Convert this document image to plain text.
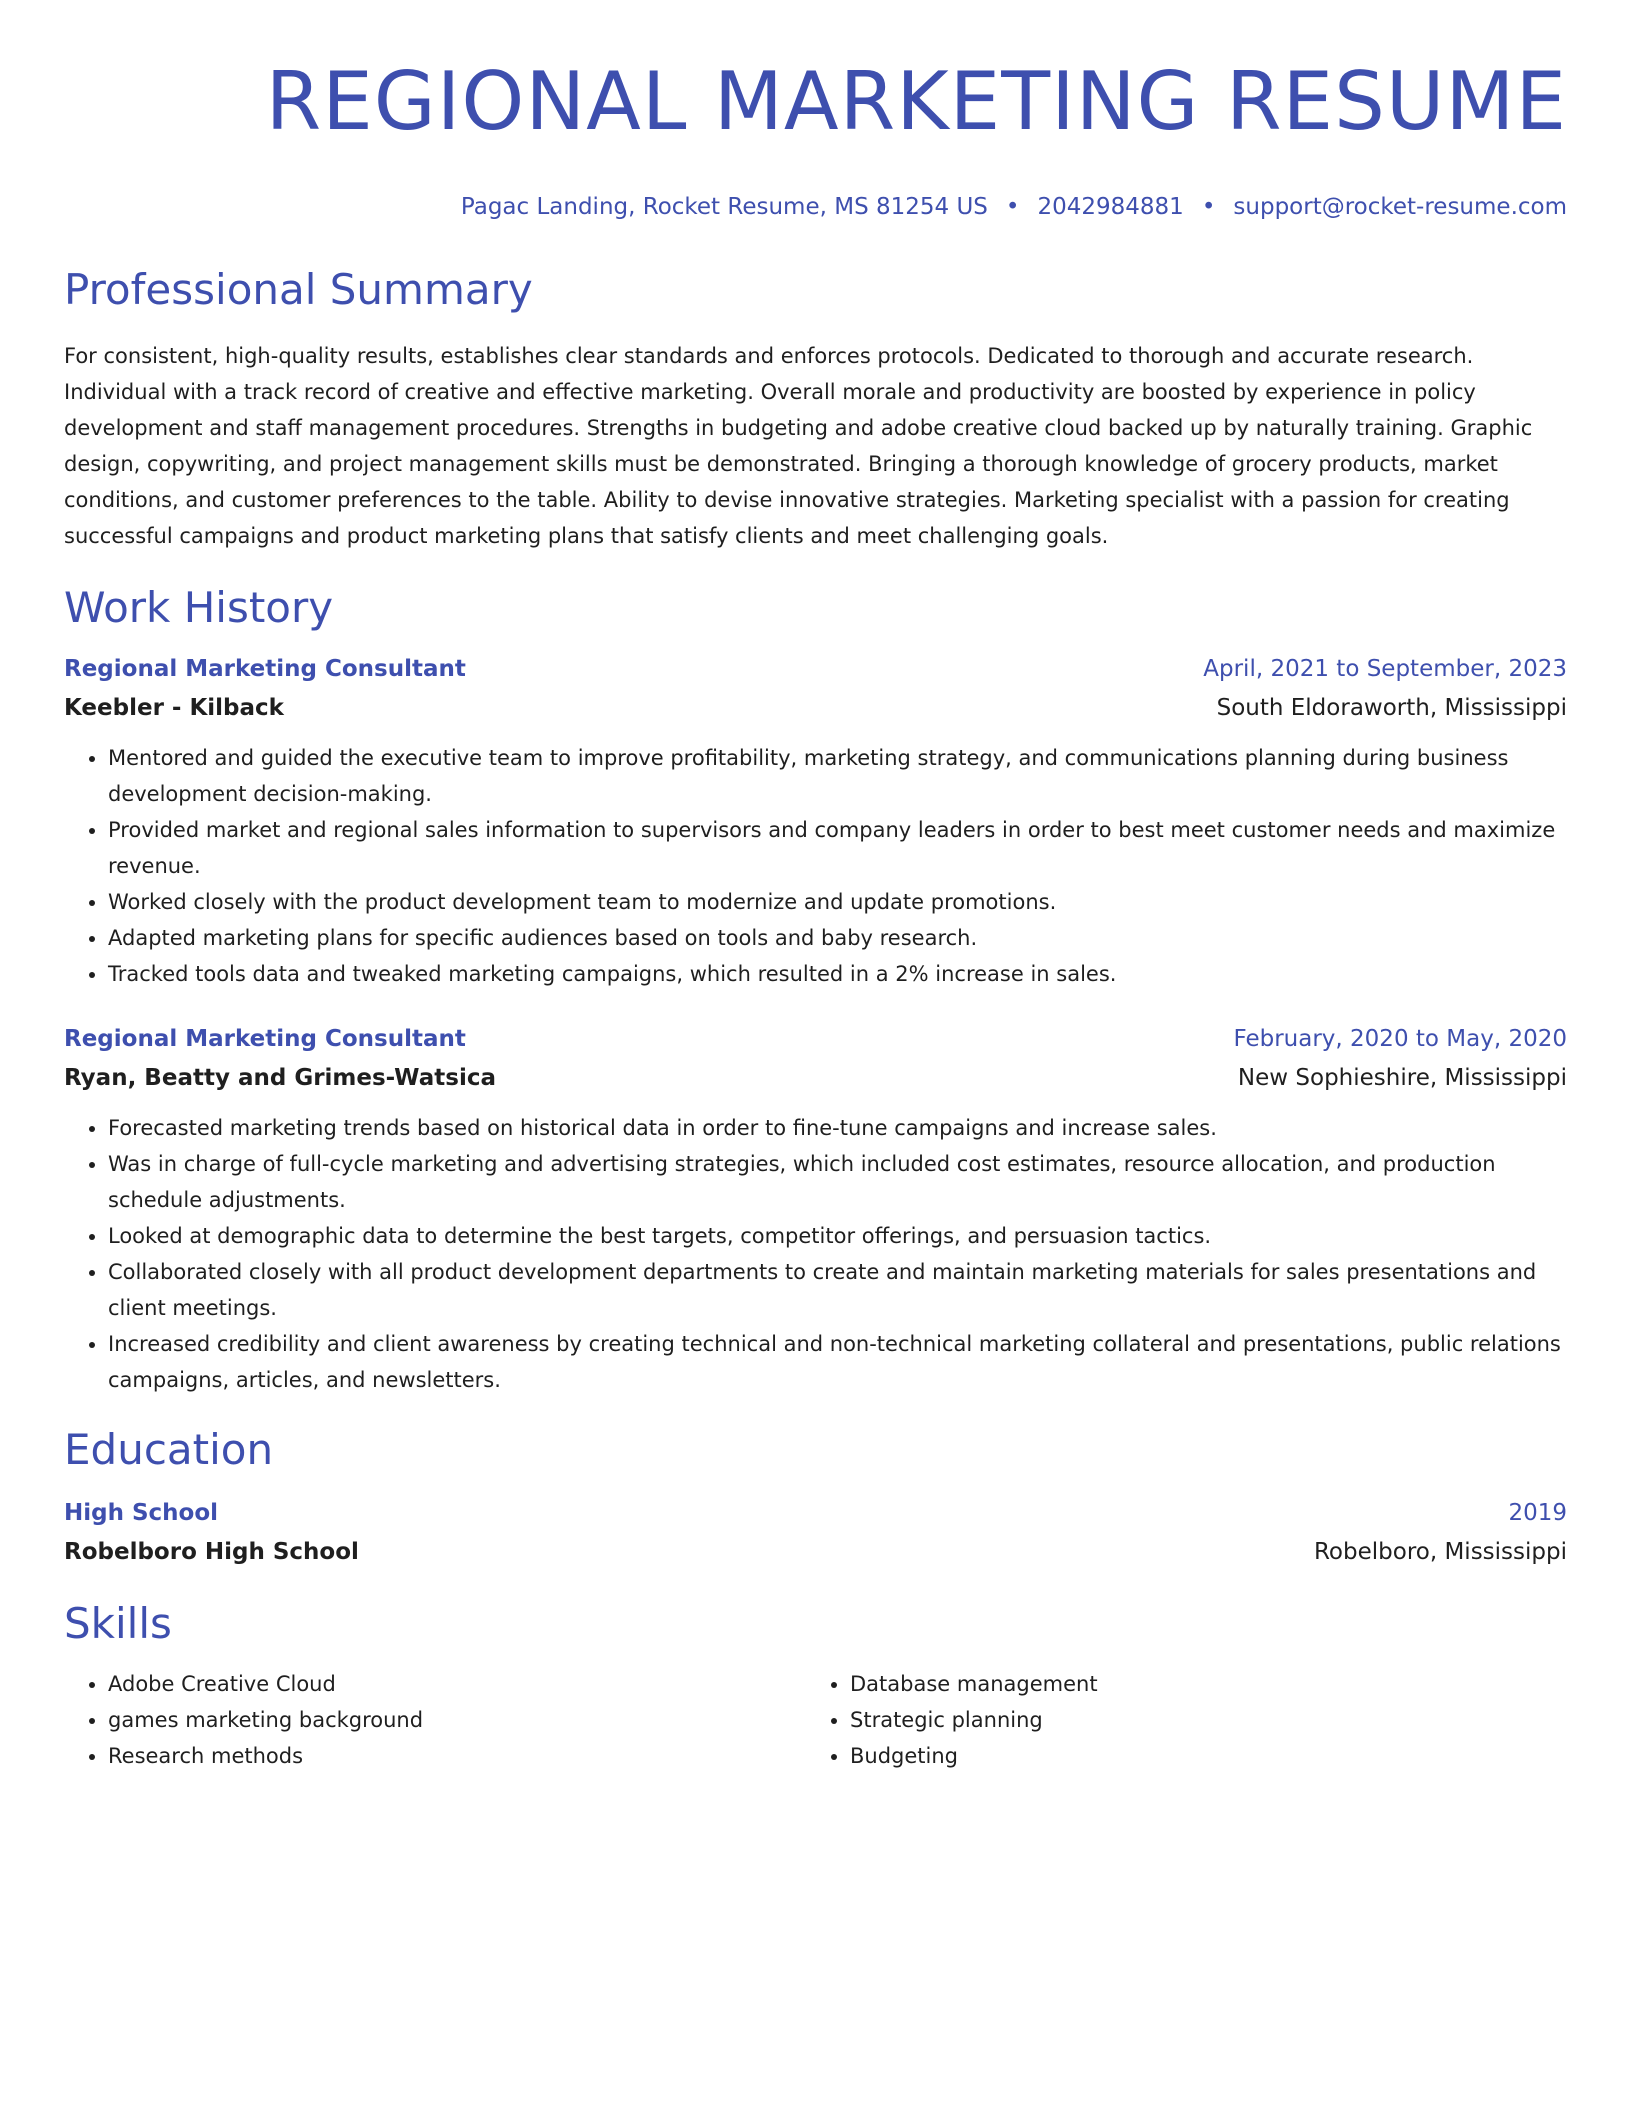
REGIONAL MARKETING RESUME
Pagac Landing, Rocket Resume, MS 81254 US • 2042984881 • support@rocket-resume.com
Professional Summary
For consistent, high-quality results, establishes clear standards and enforces protocols. Dedicated to thorough and accurate research. Individual with a track record of creative and effective marketing. Overall morale and productivity are boosted by experience in policy development and staff management procedures. Strengths in budgeting and adobe creative cloud backed up by naturally training. Graphic design, copywriting, and project management skills must be demonstrated. Bringing a thorough knowledge of grocery products, market conditions, and customer preferences to the table. Ability to devise innovative strategies. Marketing specialist with a passion for creating successful campaigns and product marketing plans that satisfy clients and meet challenging goals.
Work History
Regional Marketing Consultant	April, 2021 to September, 2023
Keebler - Kilback	South Eldoraworth, Mississippi
• Mentored and guided the executive team to improve profitability, marketing strategy, and communications planning during business development decision-making.
• Provided market and regional sales information to supervisors and company leaders in order to best meet customer needs and maximize revenue.
• Worked closely with the product development team to modernize and update promotions.
• Adapted marketing plans for specific audiences based on tools and baby research.
• Tracked tools data and tweaked marketing campaigns, which resulted in a 2% increase in sales.
Regional Marketing Consultant	February, 2020 to May, 2020
Ryan, Beatty and Grimes-Watsica	New Sophieshire, Mississippi
• Forecasted marketing trends based on historical data in order to fine-tune campaigns and increase sales.
• Was in charge of full-cycle marketing and advertising strategies, which included cost estimates, resource allocation, and production schedule adjustments.
• Looked at demographic data to determine the best targets, competitor offerings, and persuasion tactics.
• Collaborated closely with all product development departments to create and maintain marketing materials for sales presentations and client meetings.
• Increased credibility and client awareness by creating technical and non-technical marketing collateral and presentations, public relations campaigns, articles, and newsletters.
Education
High School	2019
Robelboro High School	Robelboro, Mississippi
Skills
• Adobe Creative Cloud
• games marketing background
• Research methods
• Database management
• Strategic planning
• Budgeting
